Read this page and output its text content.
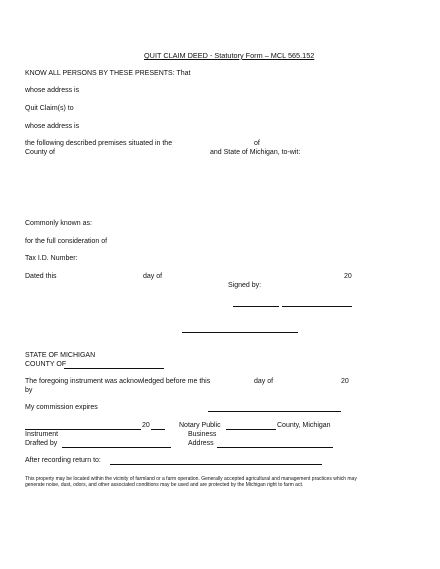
QUIT CLAIM DEED - Statutory Form – MCL 565.152
KNOW ALL PERSONS BY THESE PRESENTS: That
whose address is
Quit Claim(s) to
whose address is
the following described premises situated in the	of
County of	and State of Michigan, to-wit:
Commonly known as:
for the full consideration of
Tax I.D. Number:
Dated this	day of	20
Signed by:
STATE OF MICHIGAN
COUNTY OF
The foregoing instrument was acknowledged before me this	day of	20
by
My commission expires
20	Notary Public	County, Michigan
Instrument	Business
Drafted by	Address
After recording return to:
This property may be located within the vicinity of farmland or a farm operation. Generally accepted agricultural and management practices which may generate noise, dust, odors, and other associated conditions may be used and are protected by the Michigan right to farm act.
